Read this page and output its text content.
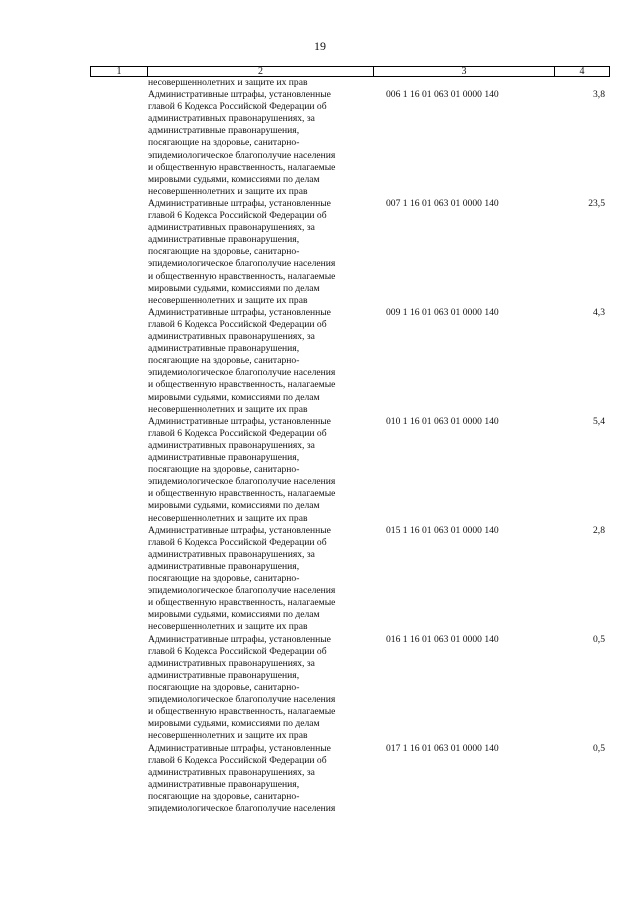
19
1	2	3	4
несовершеннолетних и защите их прав
Административные штрафы, установленные
главой 6 Кодекса Российской Федерации об
административных правонарушениях, за
административные правонарушения,
посягающие на здоровье, санитарно-
эпидемиологическое благополучие населения
и общественную нравственность, налагаемые
мировыми судьями, комиссиями по делам
несовершеннолетних и защите их прав
006 1 16 01 063 01 0000 140	3,8
Административные штрафы, установленные
главой 6 Кодекса Российской Федерации об
административных правонарушениях, за
административные правонарушения,
посягающие на здоровье, санитарно-
эпидемиологическое благополучие населения
и общественную нравственность, налагаемые
мировыми судьями, комиссиями по делам
несовершеннолетних и защите их прав
007 1 16 01 063 01 0000 140	23,5
Административные штрафы, установленные
главой 6 Кодекса Российской Федерации об
административных правонарушениях, за
административные правонарушения,
посягающие на здоровье, санитарно-
эпидемиологическое благополучие населения
и общественную нравственность, налагаемые
мировыми судьями, комиссиями по делам
несовершеннолетних и защите их прав
009 1 16 01 063 01 0000 140	4,3
Административные штрафы, установленные
главой 6 Кодекса Российской Федерации об
административных правонарушениях, за
административные правонарушения,
посягающие на здоровье, санитарно-
эпидемиологическое благополучие населения
и общественную нравственность, налагаемые
мировыми судьями, комиссиями по делам
несовершеннолетних и защите их прав
010 1 16 01 063 01 0000 140	5,4
Административные штрафы, установленные
главой 6 Кодекса Российской Федерации об
административных правонарушениях, за
административные правонарушения,
посягающие на здоровье, санитарно-
эпидемиологическое благополучие населения
и общественную нравственность, налагаемые
мировыми судьями, комиссиями по делам
несовершеннолетних и защите их прав
015 1 16 01 063 01 0000 140	2,8
Административные штрафы, установленные
главой 6 Кодекса Российской Федерации об
административных правонарушениях, за
административные правонарушения,
посягающие на здоровье, санитарно-
эпидемиологическое благополучие населения
и общественную нравственность, налагаемые
мировыми судьями, комиссиями по делам
несовершеннолетних и защите их прав
016 1 16 01 063 01 0000 140	0,5
Административные штрафы, установленные
главой 6 Кодекса Российской Федерации об
административных правонарушениях, за
административные правонарушения,
посягающие на здоровье, санитарно-
эпидемиологическое благополучие населения
017 1 16 01 063 01 0000 140	0,5
